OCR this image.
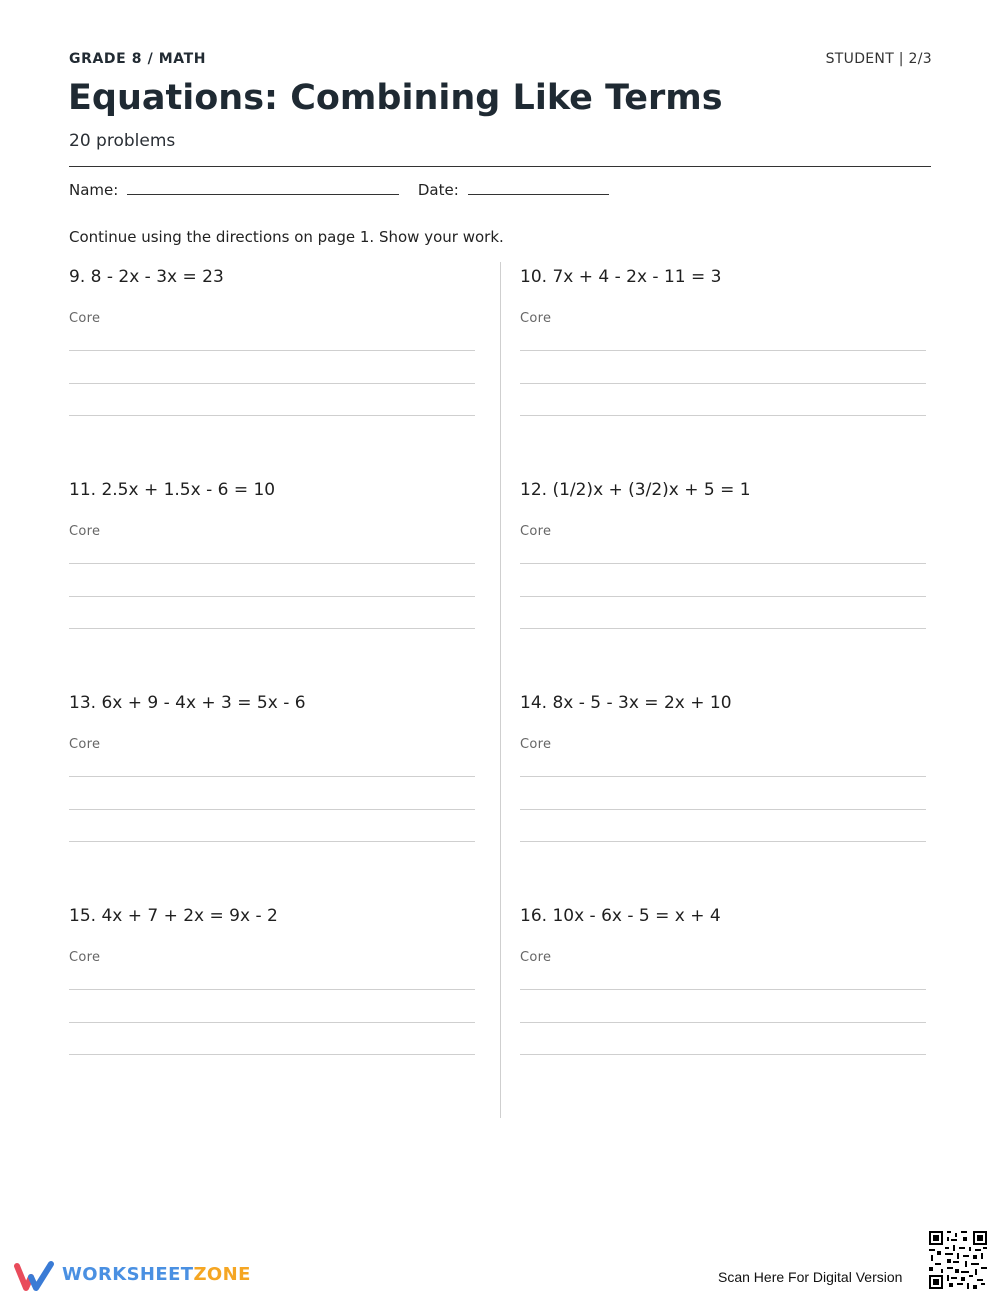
GRADE 8 / MATH	STUDENT | 2/3
Equations: Combining Like Terms
20 problems
Name:	Date:
Continue using the directions on page 1. Show your work.
9. 8 - 2x - 3x = 23
Core
10. 7x + 4 - 2x - 11 = 3
Core
11. 2.5x + 1.5x - 6 = 10
Core
12. (1/2)x + (3/2)x + 5 = 1
Core
13. 6x + 9 - 4x + 3 = 5x - 6
Core
14. 8x - 5 - 3x = 2x + 10
Core
15. 4x + 7 + 2x = 9x - 2
Core
16. 10x - 6x - 5 = x + 4
Core
WORKSHEETZONE	Scan Here For Digital Version
